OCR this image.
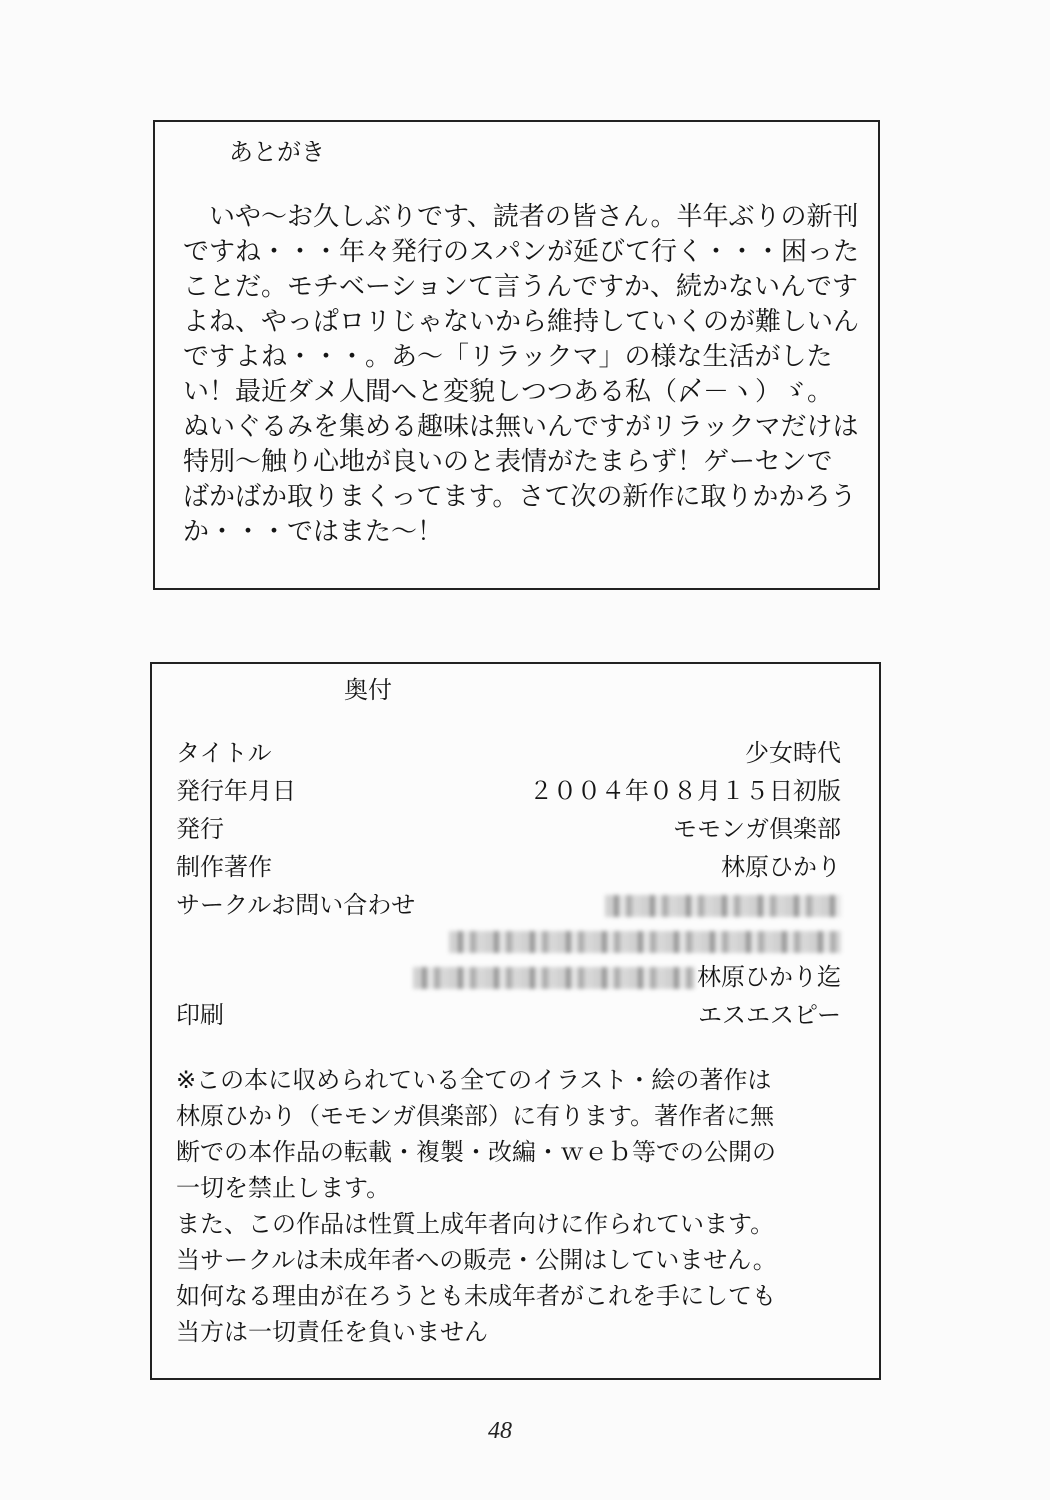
あとがき

　いや～お久しぶりです、読者の皆さん。半年ぶりの新刊
ですね・・・年々発行のスパンが延びて行く・・・困った
ことだ。モチベーションて言うんですか、続かないんです
よね、やっぱロリじゃないから維持していくのが難しいん
ですよね・・・。あ～「リラックマ」の様な生活がした
い！最近ダメ人間へと変貌しつつある私（〆－ヽ）ゞ。
ぬいぐるみを集める趣味は無いんですがリラックマだけは
特別～触り心地が良いのと表情がたまらず！ゲーセンで
ばかばか取りまくってます。さて次の新作に取りかかろう
か・・・ではまた～！

奥付
タイトル	少女時代
発行年月日	２００４年０８月１５日初版
発行	モモンガ倶楽部
制作著作	林原ひかり
サークルお問い合わせ
林原ひかり迄
印刷	エスエスピー

※この本に収められている全てのイラスト・絵の著作は
林原ひかり（モモンガ倶楽部）に有ります。著作者に無
断での本作品の転載・複製・改編・ｗｅｂ等での公開の
一切を禁止します。
また、この作品は性質上成年者向けに作られています。
当サークルは未成年者への販売・公開はしていません。
如何なる理由が在ろうとも未成年者がこれを手にしても
当方は一切責任を負いません

48
